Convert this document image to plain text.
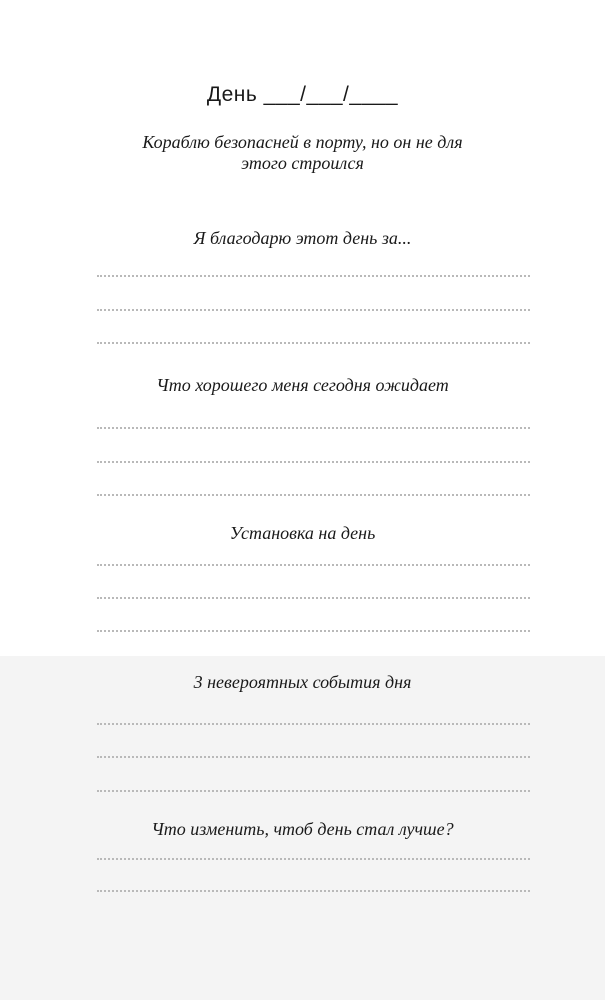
День ___/___/____
Кораблю безопасней в порту, но он не для этого строился
Я благодарю этот день за...
Что хорошего меня сегодня ожидает
Установка на день
3 невероятных события дня
Что изменить, чтоб день стал лучше?
